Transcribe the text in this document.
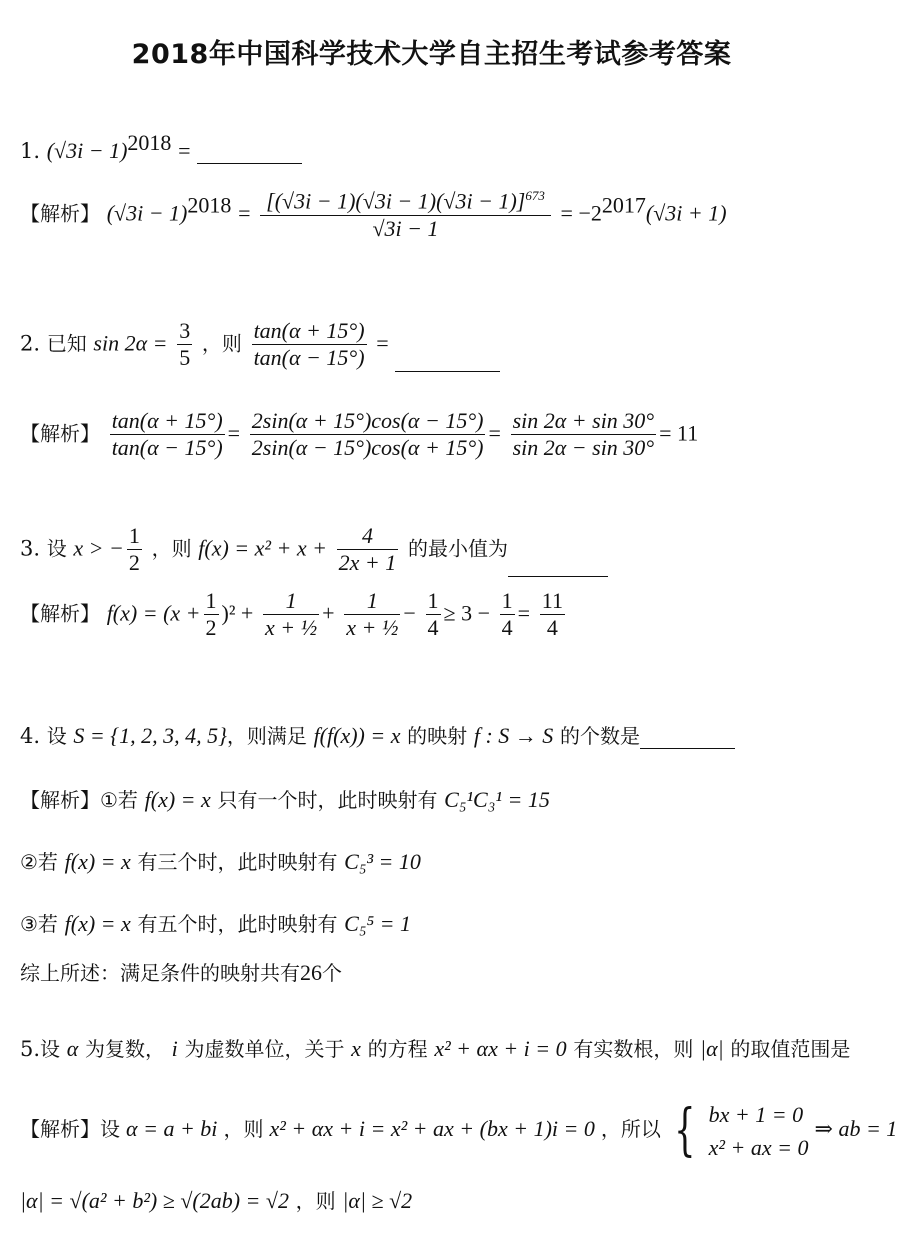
2018年中国科学技术大学自主招生考试参考答案
1. $(√3i - 1)^{2018}$ =
【解析】 $(√3i - 1)^{2018} = \frac{[(√3i - 1)(√3i - 1)(√3i - 1)]^{673}}{√3i - 1} = -2^{2017}(√3i + 1)$
2. 已知 $\sin 2\alpha = \frac{3}{5}$ ，则 $\frac{\tan(\alpha + 15^\circ)}{\tan(\alpha - 15^\circ)}$ =
【解析】 $\frac{\tan(\alpha + 15^\circ)}{\tan(\alpha - 15^\circ)} = \frac{2\sin(\alpha + 15^\circ)\cos(\alpha - 15^\circ)}{2\sin(\alpha - 15^\circ)\cos(\alpha + 15^\circ)} = \frac{\sin 2\alpha + \sin 30^\circ}{\sin 2\alpha - \sin 30^\circ} = 11$
3. 设 x > − $\frac{1}{2}$ ，则 $f(x) = x^2 + x + \frac{4}{2x + 1}$ 的最小值为
【解析】 $f(x) = (x + \frac{1}{2} )^2 + \frac{1}{\text{x + ½}} + \frac{1}{\text{x + ½}} - \frac{1}{4} \ge 3 - \frac{1}{4} = \frac{11}{4}$
4. 设 S = {1, 2, 3, 4, 5}，则满足 f(f(x)) = x 的映射 f : S → S 的个数是
【解析】①若 f(x) = x 只有一个时，此时映射有 C₅¹C₃¹ = 15
②若 f(x) = x 有三个时，此时映射有 C₅³ = 10
③若 f(x) = x 有五个时，此时映射有 C₅⁵ = 1
综上所述：满足条件的映射共有26个
5.设 α 为复数， i 为虚数单位，关于 x 的方程 x² + αx + i = 0 有实数根，则 |α| 的取值范围是
【解析】设 α = a + bi ，则 x² + αx + i = x² + ax + (bx + 1)i = 0 ，所以 { bx + 1 = 0
x² + ax = 0
⇒ ab = 1
|α| = √(a² + b²) ≥ √(2ab) = √2 ，则 |α| ≥ √2
